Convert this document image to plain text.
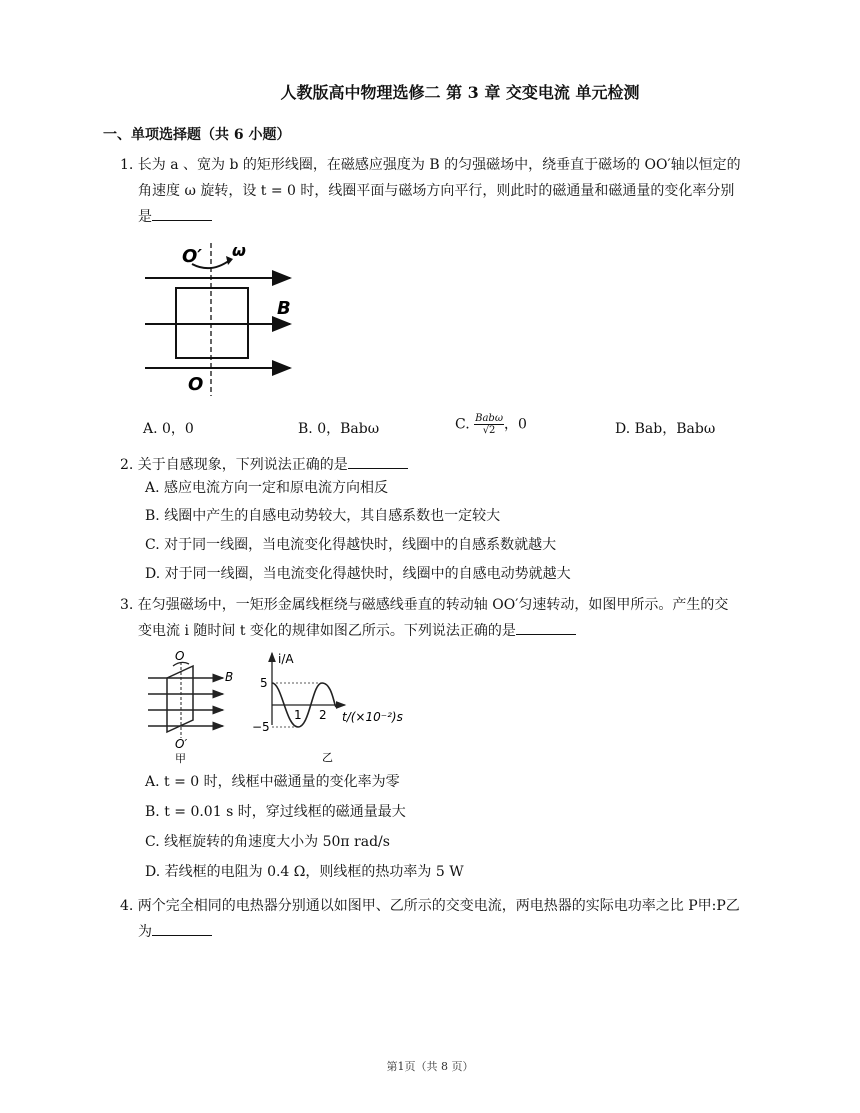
人教版高中物理选修二 第 3 章 交变电流 单元检测
一、单项选择题（共 6 小题）
1. 长为 a 、宽为 b 的矩形线圈，在磁感应强度为 B 的匀强磁场中，绕垂直于磁场的 OO′轴以恒定的
角速度 ω 旋转，设 t = 0 时，线圈平面与磁场方向平行，则此时的磁通量和磁通量的变化率分别
是
O′ ω
B
O
A. 0，0	B. 0，Babω	C. $\frac{\text{Babω}}{√2}$ ，0	D. Bab，Babω
2. 关于自感现象，下列说法正确的是
A. 感应电流方向一定和原电流方向相反
B. 线圈中产生的自感电动势较大，其自感系数也一定较大
C. 对于同一线圈，当电流变化得越快时，线圈中的自感系数就越大
D. 对于同一线圈，当电流变化得越快时，线圈中的自感电动势就越大
3. 在匀强磁场中，一矩形金属线框绕与磁感线垂直的转动轴 OO′匀速转动，如图甲所示。产生的交
变电流 i 随时间 t 变化的规律如图乙所示。下列说法正确的是
O
B
O′
甲
i/A
5
−5
1 2 t/(×10⁻²)s
乙
A. t = 0 时，线框中磁通量的变化率为零
B. t = 0.01 s 时，穿过线框的磁通量最大
C. 线框旋转的角速度大小为 50π rad/s
D. 若线框的电阻为 0.4 Ω，则线框的热功率为 5 W
4. 两个完全相同的电热器分别通以如图甲、乙所示的交变电流，两电热器的实际电功率之比 P甲:P乙
为
第1页（共 8 页）
